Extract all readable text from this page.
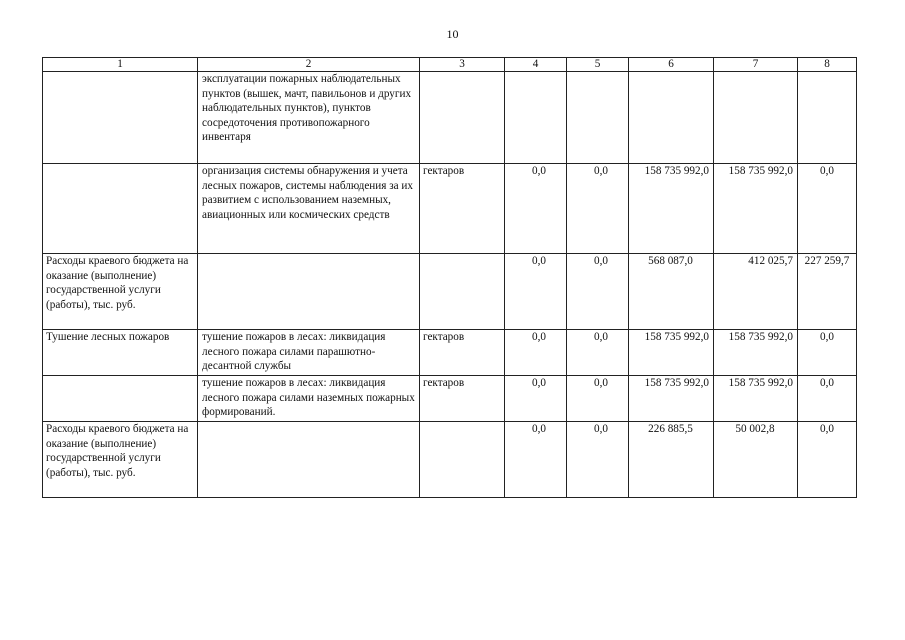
10
1	2	3	4	5	6	7	8
	эксплуатации пожарных наблюдательных пунктов (вышек, мачт, павильонов и других наблюдательных пунктов), пунктов сосредоточения противопожарного инвентаря						
	организация системы обнаружения и учета лесных пожаров, системы наблюдения за их развитием с использованием наземных, авиационных или космических средств	гектаров	0,0	0,0	158 735 992,0	158 735 992,0	0,0
Расходы краевого бюджета на оказание (выполнение) государственной услуги (работы), тыс. руб.			0,0	0,0	568 087,0	412 025,7	227 259,7
Тушение лесных пожаров	тушение пожаров в лесах: ликвидация лесного пожара силами парашютно-десантной службы	гектаров	0,0	0,0	158 735 992,0	158 735 992,0	0,0
	тушение пожаров в лесах: ликвидация лесного пожара силами наземных пожарных формирований.	гектаров	0,0	0,0	158 735 992,0	158 735 992,0	0,0
Расходы краевого бюджета на оказание (выполнение) государственной услуги (работы), тыс. руб.			0,0	0,0	226 885,5	50 002,8	0,0
